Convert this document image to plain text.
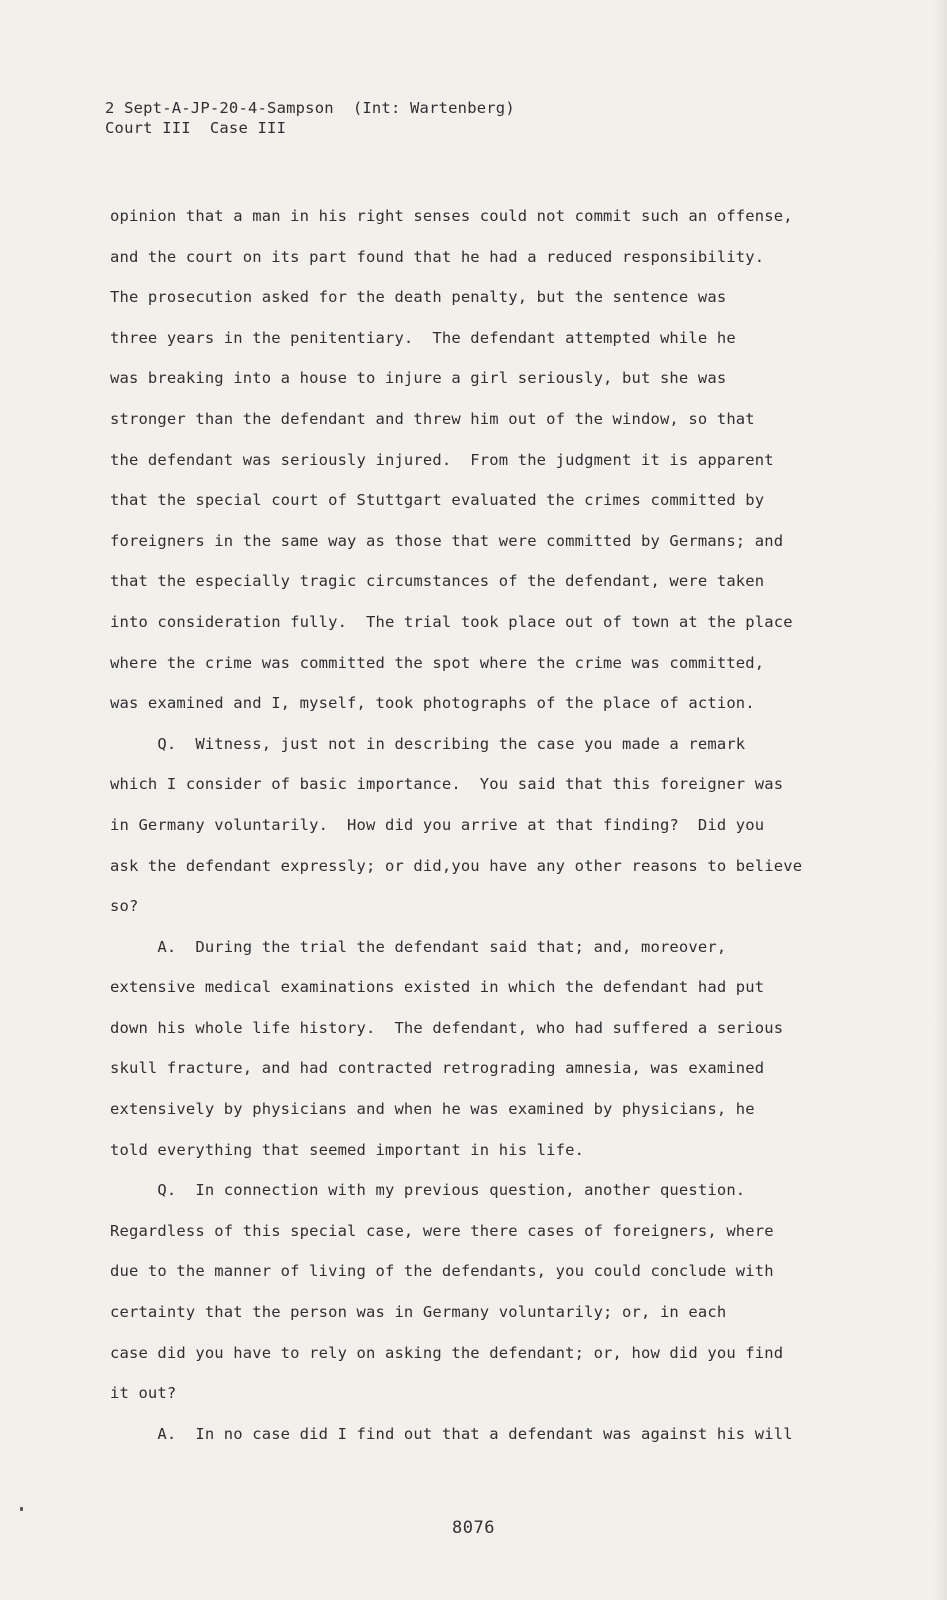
2 Sept-A-JP-20-4-Sampson  (Int: Wartenberg)
Court III  Case III
opinion that a man in his right senses could not commit such an offense,
and the court on its part found that he had a reduced responsibility.
The prosecution asked for the death penalty, but the sentence was
three years in the penitentiary.  The defendant attempted while he
was breaking into a house to injure a girl seriously, but she was
stronger than the defendant and threw him out of the window, so that
the defendant was seriously injured.  From the judgment it is apparent
that the special court of Stuttgart evaluated the crimes committed by
foreigners in the same way as those that were committed by Germans; and
that the especially tragic circumstances of the defendant, were taken
into consideration fully.  The trial took place out of town at the place
where the crime was committed the spot where the crime was committed,
was examined and I, myself, took photographs of the place of action.
Q.  Witness, just not in describing the case you made a remark
which I consider of basic importance.  You said that this foreigner was
in Germany voluntarily.  How did you arrive at that finding?  Did you
ask the defendant expressly; or did,you have any other reasons to believe
so?
A.  During the trial the defendant said that; and, moreover,
extensive medical examinations existed in which the defendant had put
down his whole life history.  The defendant, who had suffered a serious
skull fracture, and had contracted retrograding amnesia, was examined
extensively by physicians and when he was examined by physicians, he
told everything that seemed important in his life.
Q.  In connection with my previous question, another question.
Regardless of this special case, were there cases of foreigners, where
due to the manner of living of the defendants, you could conclude with
certainty that the person was in Germany voluntarily; or, in each
case did you have to rely on asking the defendant; or, how did you find
it out?
A.  In no case did I find out that a defendant was against his will
8076
